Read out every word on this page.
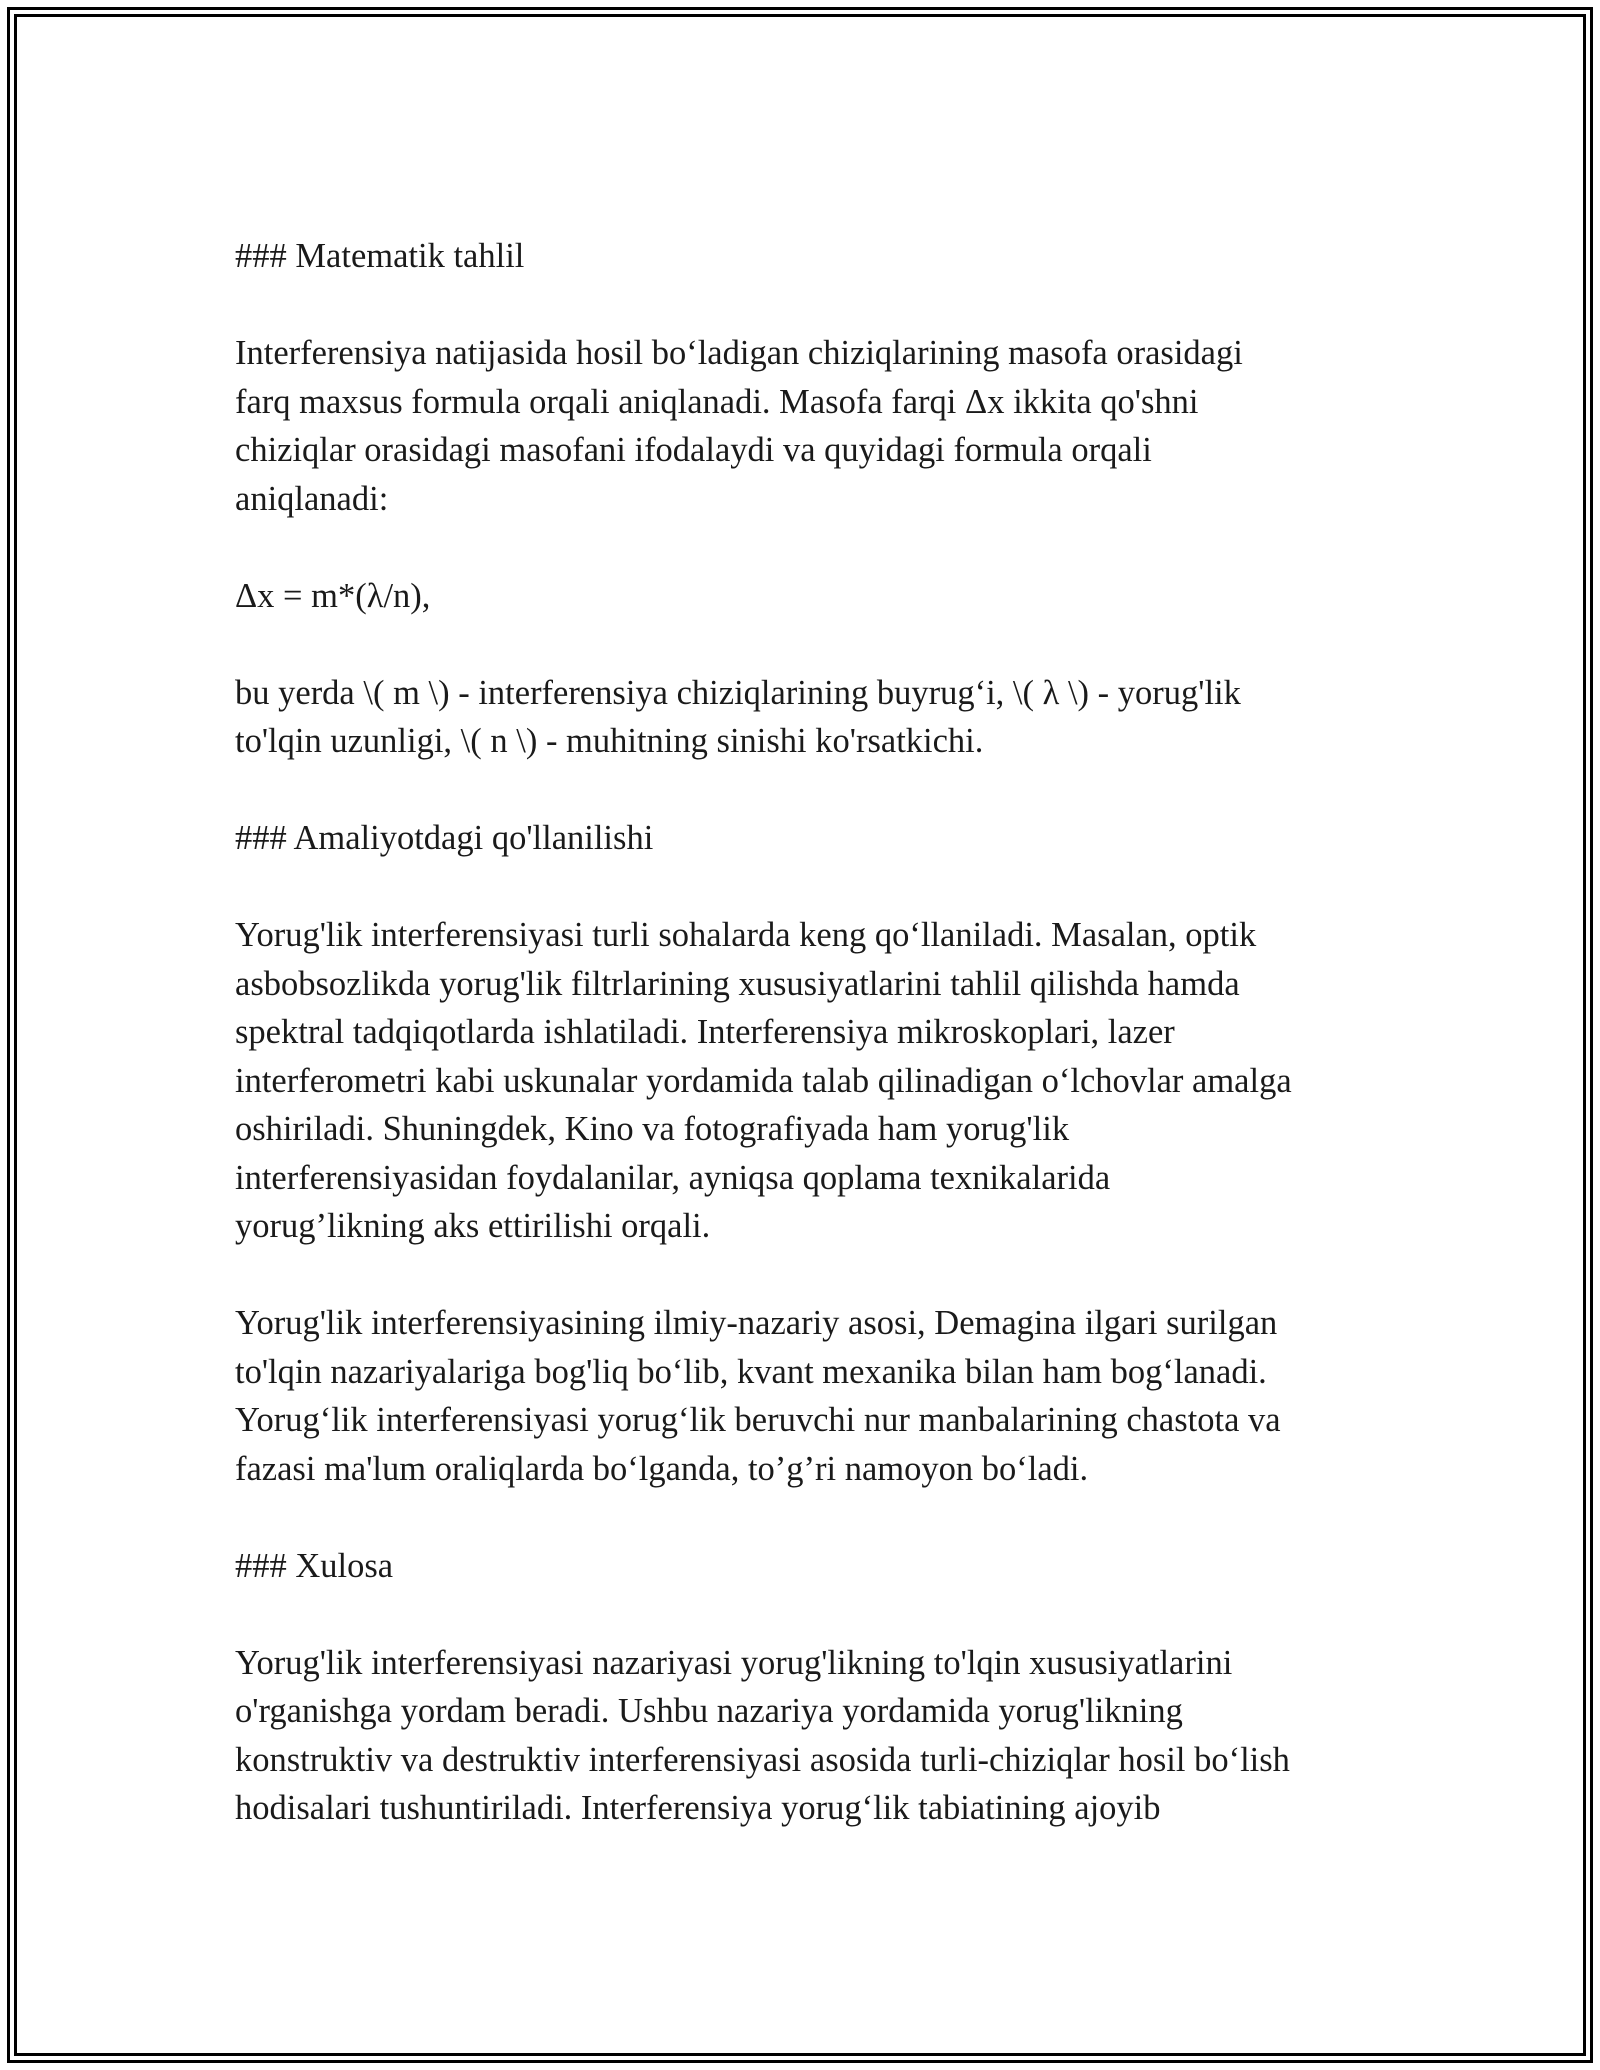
### Matematik tahlil

Interferensiya natijasida hosil bo‘ladigan chiziqlarining masofa orasidagi
farq maxsus formula orqali aniqlanadi. Masofa farqi Δx ikkita qo'shni
chiziqlar orasidagi masofani ifodalaydi va quyidagi formula orqali
aniqlanadi:

Δx = m*(λ/n),

bu yerda \( m \) - interferensiya chiziqlarining buyrug‘i, \( λ \) - yorug'lik
to'lqin uzunligi, \( n \) - muhitning sinishi ko'rsatkichi.

### Amaliyotdagi qo'llanilishi

Yorug'lik interferensiyasi turli sohalarda keng qo‘llaniladi. Masalan, optik
asbobsozlikda yorug'lik filtrlarining xususiyatlarini tahlil qilishda hamda
spektral tadqiqotlarda ishlatiladi. Interferensiya mikroskoplari, lazer
interferometri kabi uskunalar yordamida talab qilinadigan o‘lchovlar amalga
oshiriladi. Shuningdek, Kino va fotografiyada ham yorug'lik
interferensiyasidan foydalanilar, ayniqsa qoplama texnikalarida
yorug’likning aks ettirilishi orqali.

Yorug'lik interferensiyasining ilmiy-nazariy asosi, Demagina ilgari surilgan
to'lqin nazariyalariga bog'liq bo‘lib, kvant mexanika bilan ham bog‘lanadi.
Yorug‘lik interferensiyasi yorug‘lik beruvchi nur manbalarining chastota va
fazasi ma'lum oraliqlarda bo‘lganda, to’g’ri namoyon bo‘ladi.

### Xulosa

Yorug'lik interferensiyasi nazariyasi yorug'likning to'lqin xususiyatlarini
o'rganishga yordam beradi. Ushbu nazariya yordamida yorug'likning
konstruktiv va destruktiv interferensiyasi asosida turli-chiziqlar hosil bo‘lish
hodisalari tushuntiriladi. Interferensiya yorug‘lik tabiatining ajoyib
